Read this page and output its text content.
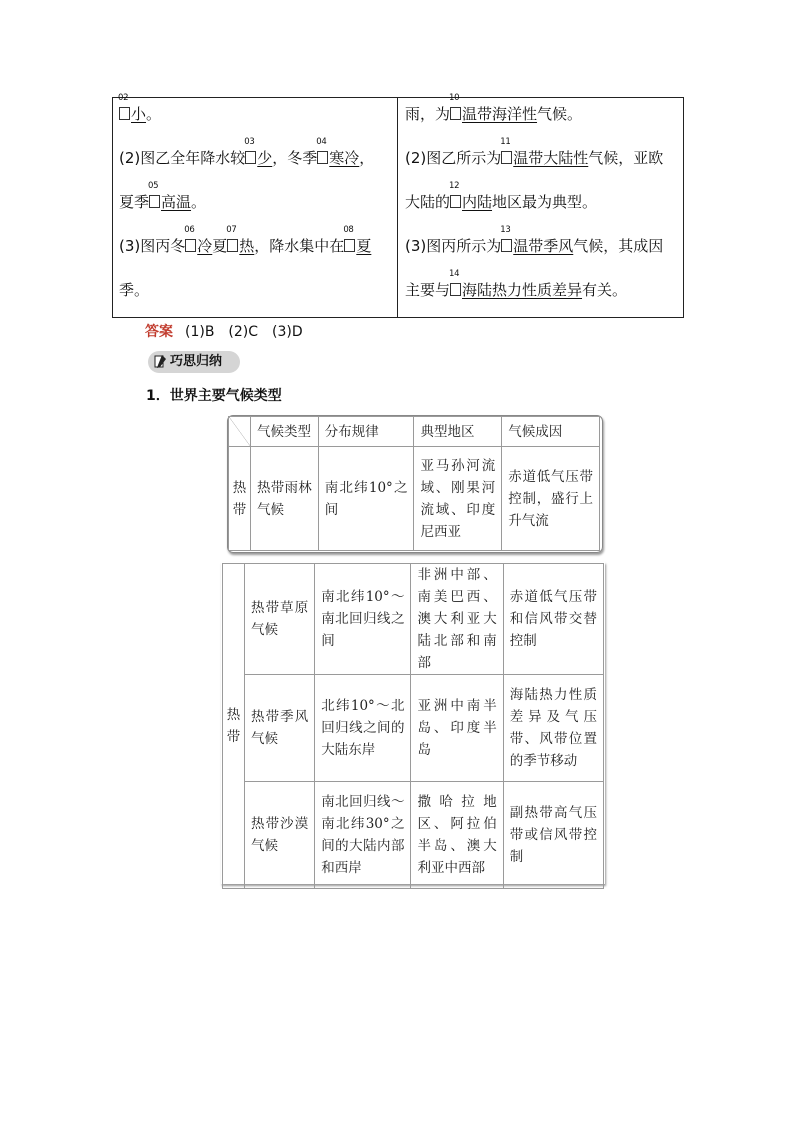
02
小。
(2)图乙全年降水较
03
少，冬季
04
寒冷，
夏季
05
高温。
(3)图丙冬
06
冷夏
07
热，降水集中在
08
夏
季。
雨，为
10
温带海洋性气候。
(2)图乙所示为
11
温带大陆性气候，亚欧
大陆的
12
内陆地区最为典型。
(3)图丙所示为
13
温带季风气候，其成因
主要与
14
海陆热力性质差异有关。
答案 (1)B　(2)C　(3)D
巧思归纳
1．世界主要气候类型
	气候类型	分布规律	典型地区	气候成因
热带	热带雨林气候	南北纬10°之间	亚马孙河流域、刚果河流域、印度尼西亚	赤道低气压带控制，盛行上升气流
热带	热带草原气候	南北纬10°～南北回归线之间	非洲中部、南美巴西、澳大利亚大陆北部和南部	赤道低气压带和信风带交替控制
	热带季风气候	北纬10°～北回归线之间的大陆东岸	亚洲中南半岛、印度半岛	海陆热力性质差异及气压带、风带位置的季节移动
	热带沙漠气候	南北回归线～南北纬30°之间的大陆内部和西岸	撒哈拉地区、阿拉伯半岛、澳大利亚中西部	副热带高气压带或信风带控制
